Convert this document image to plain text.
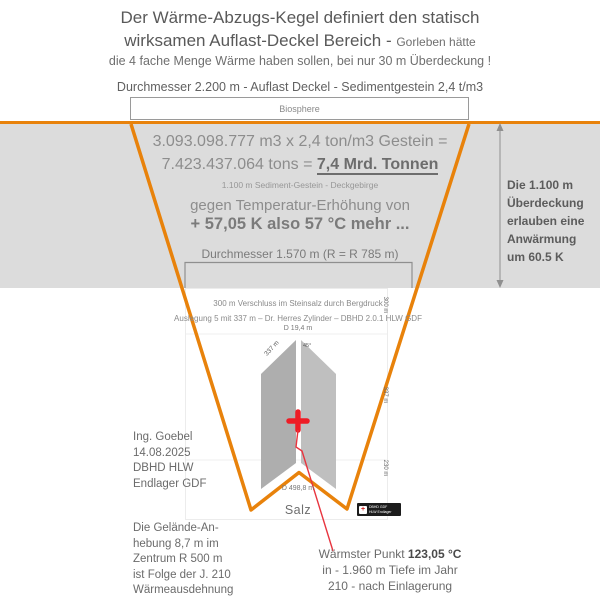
Der Wärme-Abzugs-Kegel definiert den statisch
wirksamen Auflast-Deckel Bereich - Gorleben hätte
die 4 fache Menge Wärme haben sollen, bei nur 30 m Überdeckung !
Durchmesser 2.200 m - Auflast Deckel - Sedimentgestein 2,4 t/m3
Biosphere
3.093.098.777 m3 x 2,4 ton/m3 Gestein =
7.423.437.064 tons = 7,4 Mrd. Tonnen
1.100 m Sediment-Gestein - Deckgebirge
gegen Temperatur-Erhöhung von
+ 57,05 K also 57 °C mehr ...
Durchmesser 1.570 m (R = R 785 m)
Die 1.100 m
Überdeckung
erlauben eine
Anwärmung
um 60.5 K
300 m Verschluss im Steinsalz durch Bergdruck
Auslegung 5 mit 337 m – Dr. Herres Zylinder – DBHD 2.0.1 HLW GDF
D 19,4 m
337 m	45°
D 498,8 m
Salz
300 m
337 m
230 m
Ing. Goebel
14.08.2025
DBHD HLW
Endlager GDF
Die Gelände-An-
hebung 8,7 m im
Zentrum R 500 m
ist Folge der J. 210
Wärmeausdehnung
Wärmster Punkt 123,05 °C
in - 1.960 m Tiefe im Jahr
210 - nach Einlagerung
+	DBHD GDF
HLW Endlager
